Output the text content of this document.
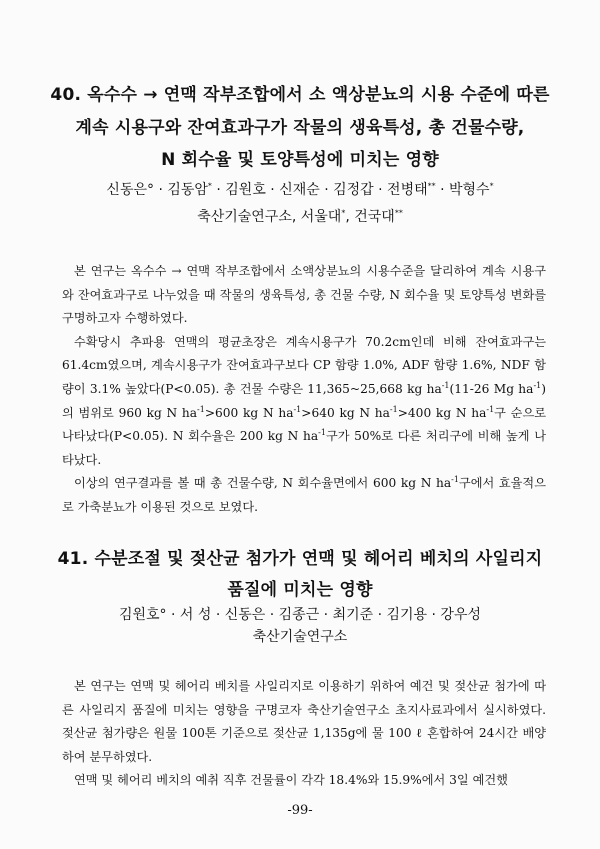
40. 옥수수 → 연맥 작부조합에서 소 액상분뇨의 시용 수준에 따른
계속 시용구와 잔여효과구가 작물의 생육특성, 총 건물수량,
N 회수율 및 토양특성에 미치는 영향
신동은° · 김동암* · 김원호 · 신재순 · 김정갑 · 전병태** · 박형수*
축산기술연구소, 서울대*, 건국대**

본 연구는 옥수수 → 연맥 작부조합에서 소액상분뇨의 시용수준을 달리하여 계속 시용구와 잔여효과구로 나누었을 때 작물의 생육특성, 총 건물 수량, N 회수율 및 토양특성 변화를 구명하고자 수행하였다.

수확당시 추파용 연맥의 평균초장은 계속시용구가 70.2cm인데 비해 잔여효과구는 61.4cm였으며, 계속시용구가 잔여효과구보다 CP 함량 1.0%, ADF 함량 1.6%, NDF 함량이 3.1% 높았다(P<0.05). 총 건물 수량은 11,365~25,668 kg $ha^{-1}(11-26$ Mg $ha^{-1}$)의 범위로 960 kg N $ha^{-1}>600$ kg N $ha^{-1}>640$ kg N $ha^{-1}>400$ kg N $ha^{-1}$구 순으로 나타났다(P<0.05). N 회수율은 200 kg N $ha^{-1}$구가 50%로 다른 처리구에 비해 높게 나타났다.

이상의 연구결과를 볼 때 총 건물수량, N 회수율면에서 600 kg N $ha^{-1}$구에서 효율적으로 가축분뇨가 이용된 것으로 보였다.

41. 수분조절 및 젖산균 첨가가 연맥 및 헤어리 베치의 사일리지
품질에 미치는 영향
김원호° · 서 성 · 신동은 · 김종근 · 최기준 · 김기용 · 강우성
축산기술연구소

본 연구는 연맥 및 헤어리 베치를 사일리지로 이용하기 위하여 예건 및 젖산균 첨가에 따른 사일리지 품질에 미치는 영향을 구명코자 축산기술연구소 초지사료과에서 실시하였다. 젖산균 첨가량은 원물 100톤 기준으로 젖산균 1,135g에 물 100 ℓ 혼합하여 24시간 배양하여 분무하였다.

연맥 및 헤어리 베치의 예취 직후 건물률이 각각 18.4%와 15.9%에서 3일 예건했

-99-
